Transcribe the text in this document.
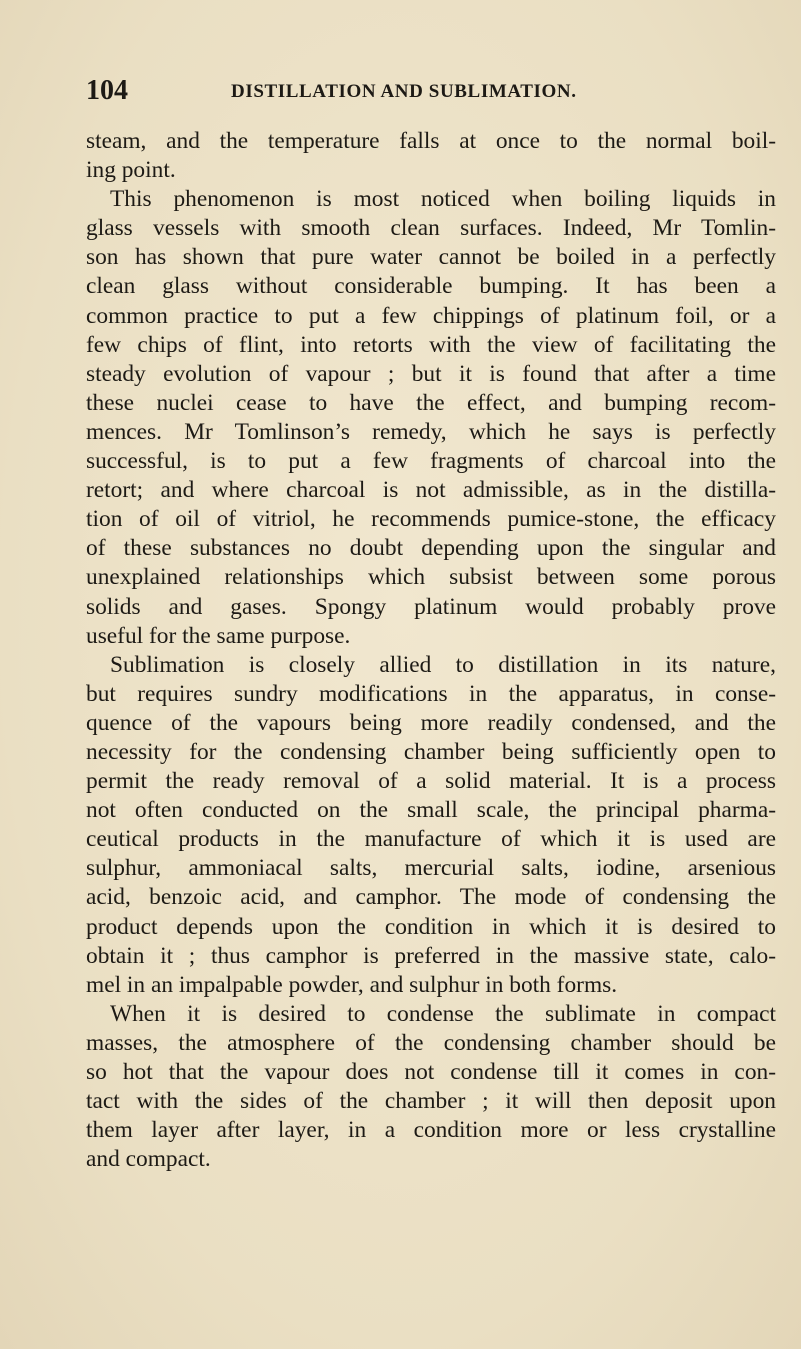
104	DISTILLATION AND SUBLIMATION.
steam, and the temperature falls at once to the normal boil-
ing point.
This phenomenon is most noticed when boiling liquids in
glass vessels with smooth clean surfaces. Indeed, Mr Tomlin-
son has shown that pure water cannot be boiled in a perfectly
clean glass without considerable bumping. It has been a
common practice to put a few chippings of platinum foil, or a
few chips of flint, into retorts with the view of facilitating the
steady evolution of vapour ; but it is found that after a time
these nuclei cease to have the effect, and bumping recom-
mences. Mr Tomlinson’s remedy, which he says is perfectly
successful, is to put a few fragments of charcoal into the
retort; and where charcoal is not admissible, as in the distilla-
tion of oil of vitriol, he recommends pumice-stone, the efficacy
of these substances no doubt depending upon the singular and
unexplained relationships which subsist between some porous
solids and gases. Spongy platinum would probably prove
useful for the same purpose.
Sublimation is closely allied to distillation in its nature,
but requires sundry modifications in the apparatus, in conse-
quence of the vapours being more readily condensed, and the
necessity for the condensing chamber being sufficiently open to
permit the ready removal of a solid material. It is a process
not often conducted on the small scale, the principal pharma-
ceutical products in the manufacture of which it is used are
sulphur, ammoniacal salts, mercurial salts, iodine, arsenious
acid, benzoic acid, and camphor. The mode of condensing the
product depends upon the condition in which it is desired to
obtain it ; thus camphor is preferred in the massive state, calo-
mel in an impalpable powder, and sulphur in both forms.
When it is desired to condense the sublimate in compact
masses, the atmosphere of the condensing chamber should be
so hot that the vapour does not condense till it comes in con-
tact with the sides of the chamber ; it will then deposit upon
them layer after layer, in a condition more or less crystalline
and compact.
